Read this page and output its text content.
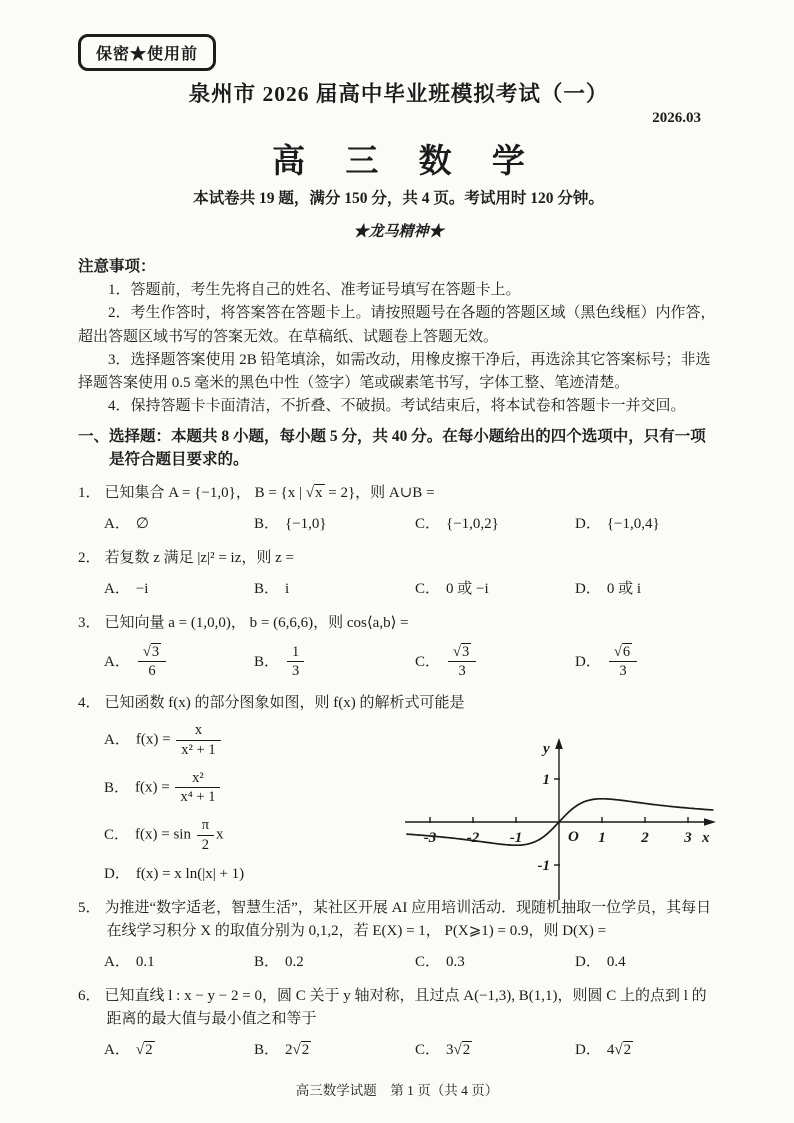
保密★使用前
泉州市 2026 届高中毕业班模拟考试（一）
2026.03
高 三 数 学
本试卷共 19 题，满分 150 分，共 4 页。考试用时 120 分钟。
★龙马精神★
注意事项：

1．答题前，考生先将自己的姓名、准考证号填写在答题卡上。

2．考生作答时，将答案答在答题卡上。请按照题号在各题的答题区域（黑色线框）内作答，超出答题区域书写的答案无效。在草稿纸、试题卷上答题无效。

3．选择题答案使用 2B 铅笔填涂，如需改动，用橡皮擦干净后，再选涂其它答案标号；非选择题答案使用 0.5 毫米的黑色中性（签字）笔或碳素笔书写，字体工整、笔迹清楚。

4．保持答题卡卡面清洁，不折叠、不破损。考试结束后，将本试卷和答题卡一并交回。

一、选择题：本题共 8 小题，每小题 5 分，共 40 分。在每小题给出的四个选项中，只有一项是符合题目要求的。

1． 已知集合 A = {−1,0}， B = {x | √x = 2}，则 A∪B =

A． ∅	B． {−1,0}	C． {−1,0,2}	D． {−1,0,4}

2． 若复数 z 满足 |z|² = iz，则 z =

A． −i	B． i	C． 0 或 −i	D． 0 或 i

3． 已知向量 a = (1,0,0)， b = (6,6,6)，则 cos⟨a,b⟩ =

A． $\frac{√3}{6}$	B． $\frac{1}{3}$	C． $\frac{√3}{3}$	D． $\frac{√6}{3}$

4． 已知函数 f(x) 的部分图象如图，则 f(x) 的解析式可能是

A． $f(x) = \frac{x}{\text{x² + 1}}$
B． $f(x) = \frac{\text{x²}}{\text{x⁴ + 1}}$
C． $f(x) = \sin \frac{\pi}{2}$ x
D． f(x) = x ln(|x| + 1)

5． 为推进“数字适老，智慧生活”，某社区开展 AI 应用培训活动．现随机抽取一位学员，其每日在线学习积分 X 的取值分别为 0,1,2，若 E(X) = 1， P(X⩾1) = 0.9，则 D(X) =

A． 0.1	B． 0.2	C． 0.3	D． 0.4

6． 已知直线 l : x − y − 2 = 0，圆 C 关于 y 轴对称，且过点 A(−1,3), B(1,1)，则圆 C 上的点到 l 的距离的最大值与最小值之和等于

A． √2	B． 2√2	C． 3√2	D． 4√2
-3 -2 -1	1 2 3
1
-1
y
x
O
高三数学试题　第 1 页（共 4 页）
